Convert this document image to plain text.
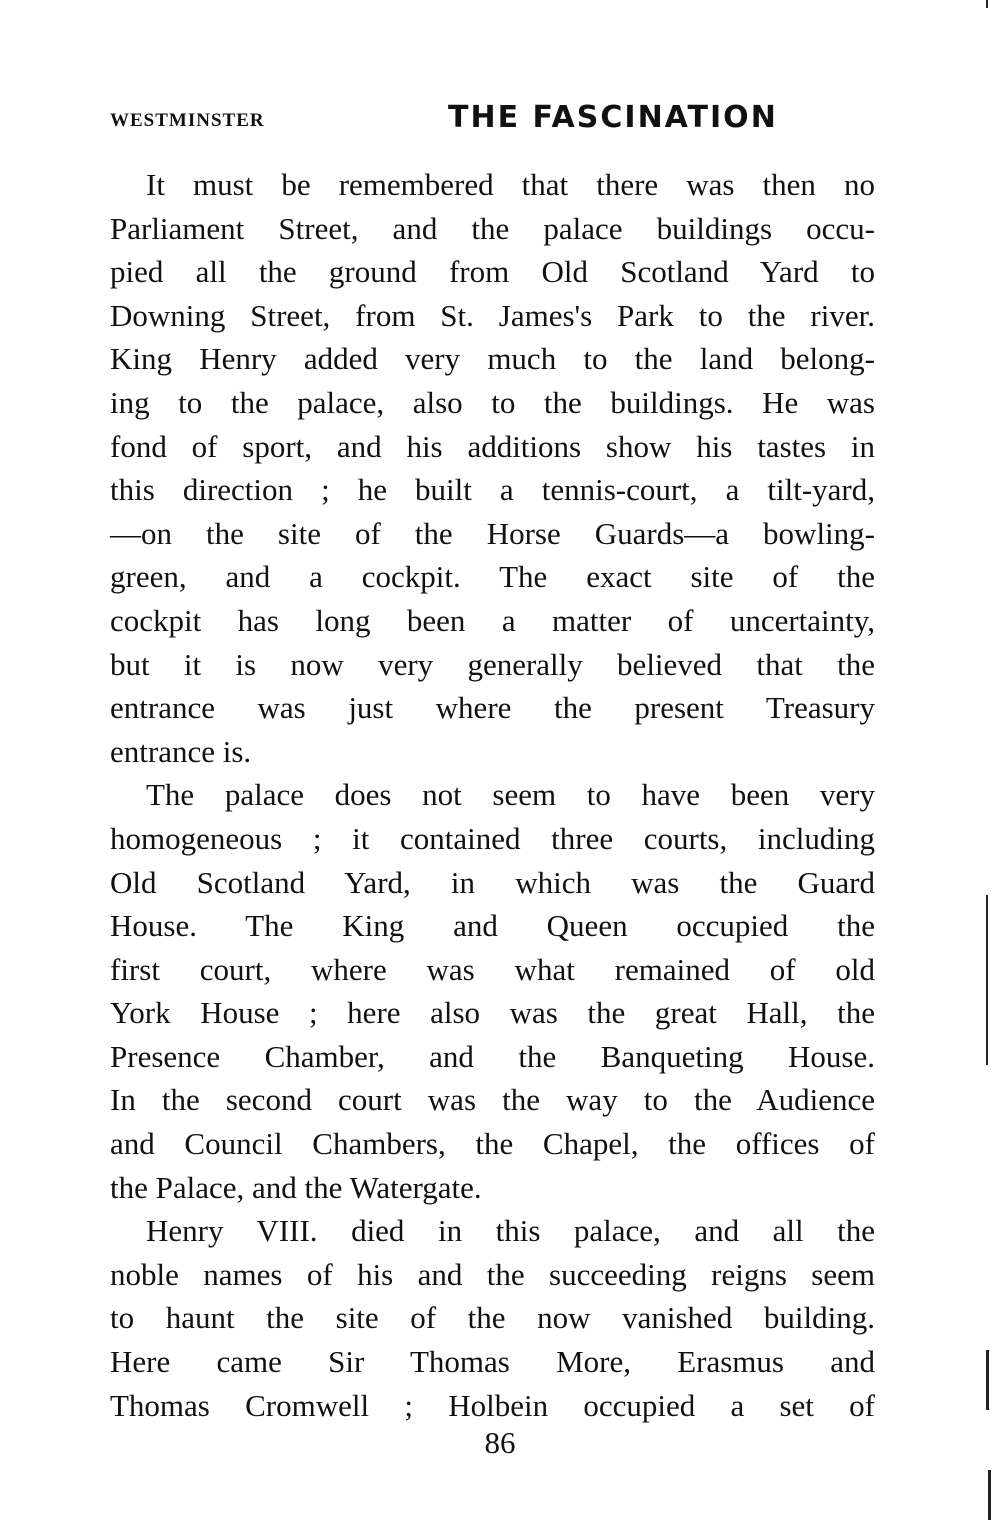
WESTMINSTER	THE FASCINATION
It must be remembered that there was then no
Parliament Street, and the palace buildings occu-
pied all the ground from Old Scotland Yard to
Downing Street, from St. James's Park to the river.
King Henry added very much to the land belong-
ing to the palace, also to the buildings. He was
fond of sport, and his additions show his tastes in
this direction ; he built a tennis-court, a tilt-yard,
—on the site of the Horse Guards—a bowling-
green, and a cockpit. The exact site of the
cockpit has long been a matter of uncertainty,
but it is now very generally believed that the
entrance was just where the present Treasury
entrance is.
The palace does not seem to have been very
homogeneous ; it contained three courts, including
Old Scotland Yard, in which was the Guard
House. The King and Queen occupied the
first court, where was what remained of old
York House ; here also was the great Hall, the
Presence Chamber, and the Banqueting House.
In the second court was the way to the Audience
and Council Chambers, the Chapel, the offices of
the Palace, and the Watergate.
Henry VIII. died in this palace, and all the
noble names of his and the succeeding reigns seem
to haunt the site of the now vanished building.
Here came Sir Thomas More, Erasmus and
Thomas Cromwell ; Holbein occupied a set of
86
